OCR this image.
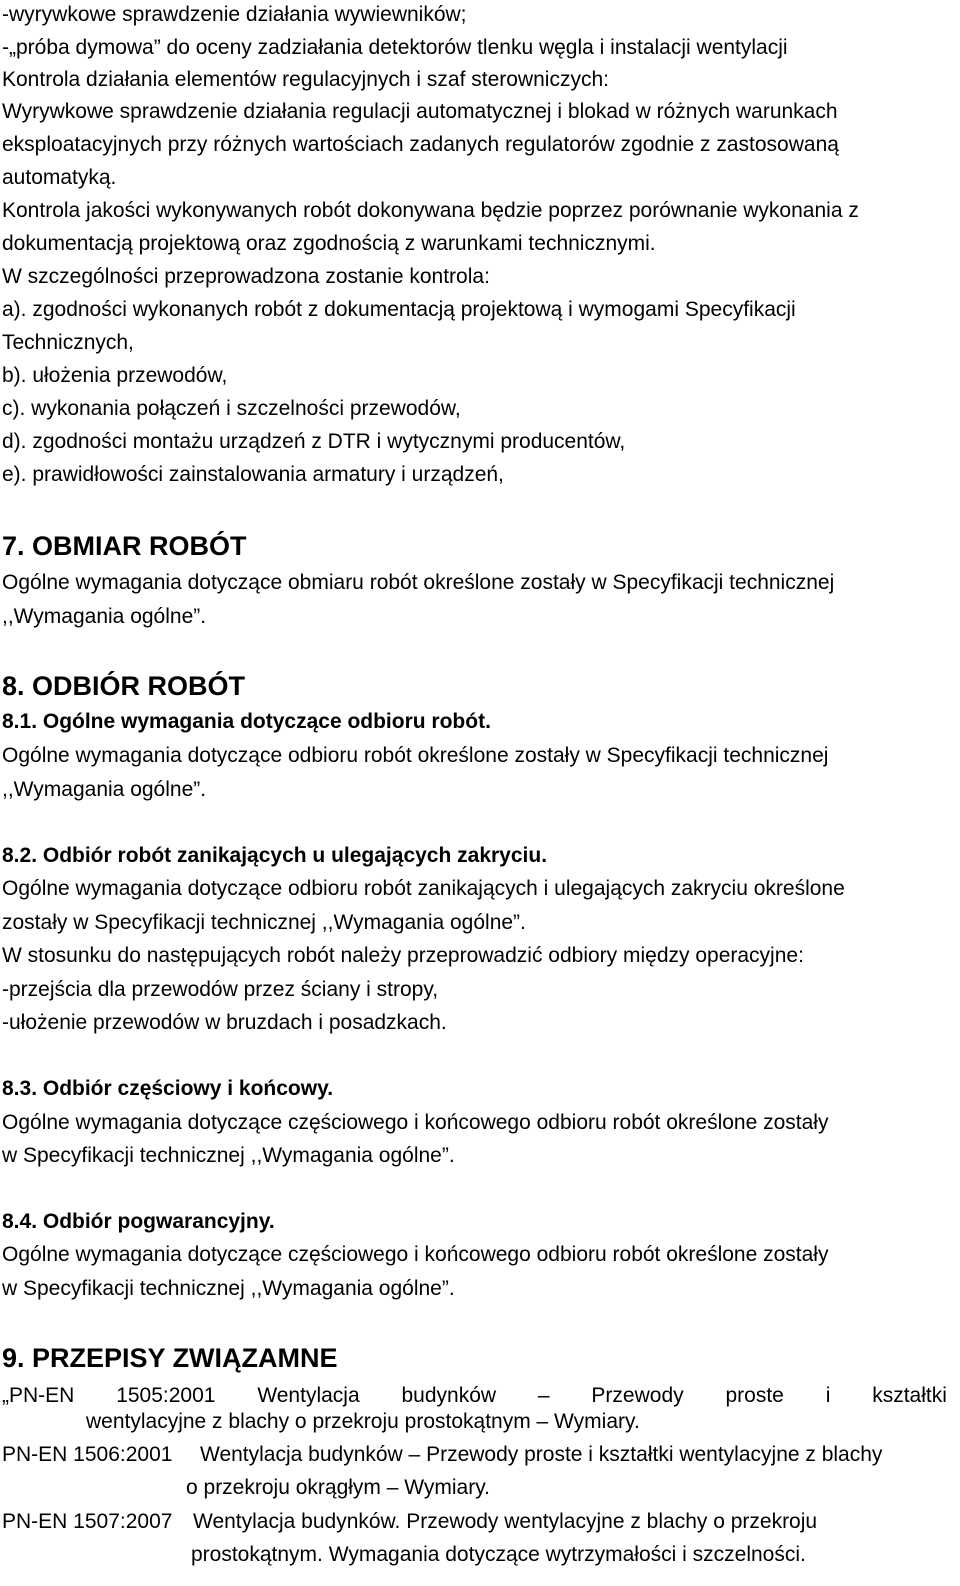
-wyrywkowe sprawdzenie działania wywiewników;

-„próba dymowa” do oceny zadziałania detektorów tlenku węgla i instalacji wentylacji

Kontrola działania elementów regulacyjnych i szaf sterowniczych:

Wyrywkowe sprawdzenie działania regulacji automatycznej i blokad w różnych warunkach

eksploatacyjnych przy różnych wartościach zadanych regulatorów zgodnie z zastosowaną

automatyką.

Kontrola jakości wykonywanych robót dokonywana będzie poprzez porównanie wykonania z

dokumentacją projektową oraz zgodnością z warunkami technicznymi.

W szczególności przeprowadzona zostanie kontrola:

a). zgodności wykonanych robót z dokumentacją projektową i wymogami Specyfikacji

Technicznych,

b). ułożenia przewodów,

c). wykonania połączeń i szczelności przewodów,

d). zgodności montażu urządzeń z DTR i wytycznymi producentów,

e). prawidłowości zainstalowania armatury i urządzeń,

7. OBMIAR ROBÓT

Ogólne wymagania dotyczące obmiaru robót określone zostały w Specyfikacji technicznej

,,Wymagania ogólne”.

8. ODBIÓR ROBÓT

8.1. Ogólne wymagania dotyczące odbioru robót.

Ogólne wymagania dotyczące odbioru robót określone zostały w Specyfikacji technicznej

,,Wymagania ogólne”.

8.2. Odbiór robót zanikających u ulegających zakryciu.

Ogólne wymagania dotyczące odbioru robót zanikających i ulegających zakryciu określone

zostały w Specyfikacji technicznej ,,Wymagania ogólne”.

W stosunku do następujących robót należy przeprowadzić odbiory między operacyjne:

-przejścia dla przewodów przez ściany i stropy,

-ułożenie przewodów w bruzdach i posadzkach.

8.3. Odbiór częściowy i końcowy.

Ogólne wymagania dotyczące częściowego i końcowego odbioru robót określone zostały

w Specyfikacji technicznej ,,Wymagania ogólne”.

8.4. Odbiór pogwarancyjny.

Ogólne wymagania dotyczące częściowego i końcowego odbioru robót określone zostały

w Specyfikacji technicznej ,,Wymagania ogólne”.

9. PRZEPISY ZWIĄZAMNE

„PN-EN 1505:2001 Wentylacja budynków – Przewody proste i kształtki

wentylacyjne z blachy o przekroju prostokątnym – Wymiary.

PN-EN 1506:2001 Wentylacja budynków – Przewody proste i kształtki wentylacyjne z blachy

o przekroju okrągłym – Wymiary.

PN-EN 1507:2007 Wentylacja budynków. Przewody wentylacyjne z blachy o przekroju

prostokątnym. Wymagania dotyczące wytrzymałości i szczelności.
